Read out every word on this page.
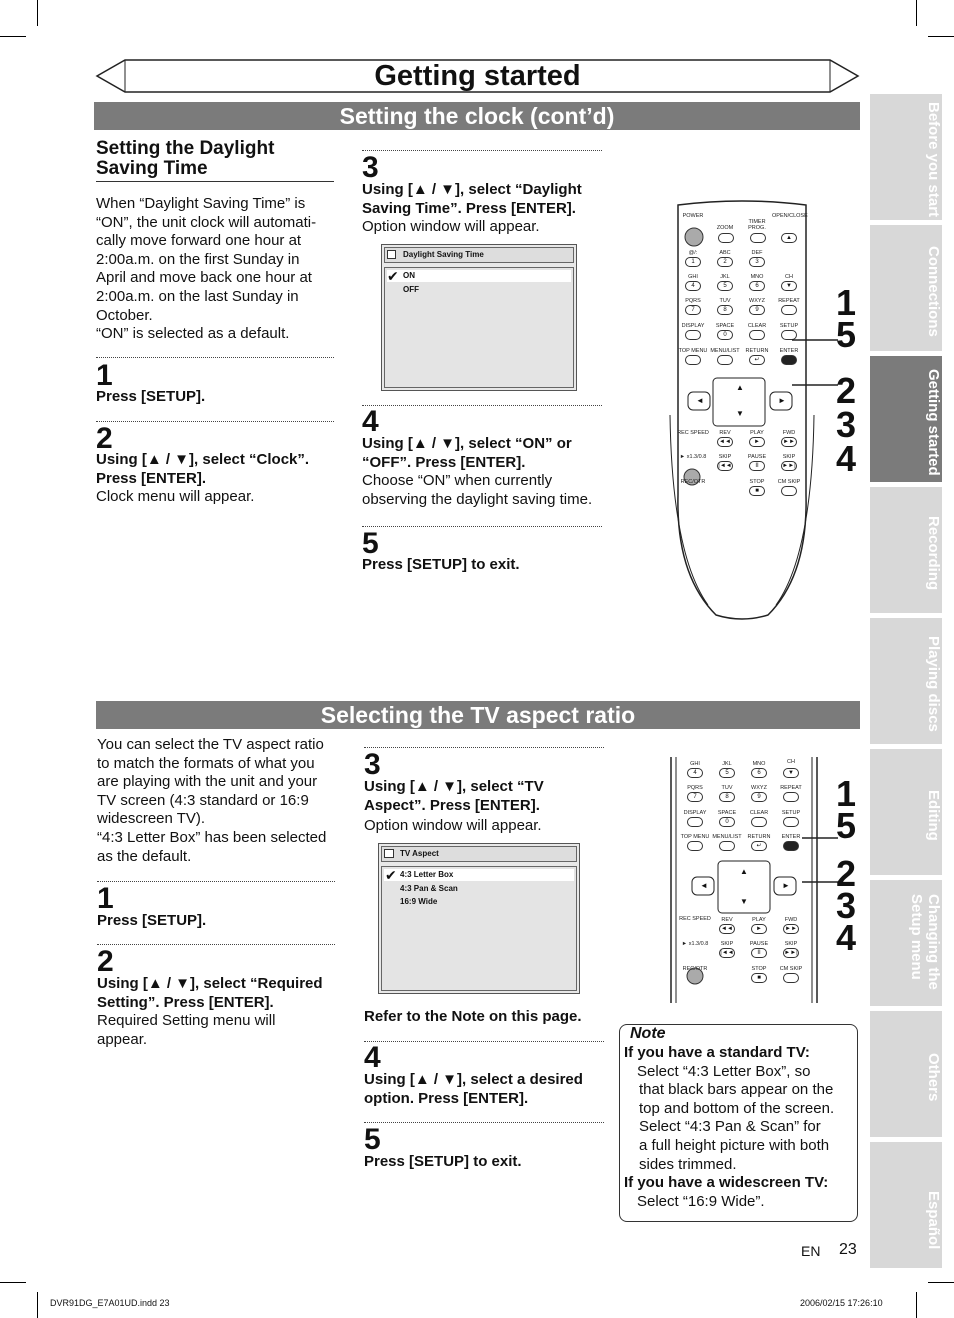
Getting started
Setting the clock (cont’d)
Setting the Daylight
Saving Time
When “Daylight Saving Time” is
“ON”, the unit clock will automati-
cally move forward one hour at
2:00a.m. on the first Sunday in
April and move back one hour at
2:00a.m. on the last Sunday in
October.
“ON” is selected as a default.
1
Press [SETUP].
2
Using [▲ / ▼], select “Clock”.
Press [ENTER].
Clock menu will appear.
3
Using [▲ / ▼], select “Daylight
Saving Time”. Press [ENTER].
Option window will appear.
Daylight Saving Time
ON
OFF
✔
4
Using [▲ / ▼], select “ON” or
“OFF”. Press [ENTER].
Choose “ON” when currently
observing the daylight saving time.
5
Press [SETUP] to exit.
POWER
ZOOM
TIMER PROG.
OPEN/CLOSE
▲
@/:	ABC	DEF
1	2	3
GHI	JKL	MNO	CH
4	5	6	▼
PQRS	TUV	WXYZ	REPEAT
7	8	9
DISPLAY	SPACE	CLEAR	SETUP
0
TOP MENU MENU/LIST	RETURN	ENTER
↵
▲
▼
◄	►
REC SPEED	REV	PLAY	FWD
◄◄	►	►►
► x1.3/0.8	SKIP	PAUSE	SKIP
|◄◄	II	►►|
REC/OTR	STOP	CM SKIP
■
1
5
2
3
4
Selecting the TV aspect ratio
You can select the TV aspect ratio
to match the formats of what you
are playing with the unit and your
TV screen (4:3 standard or 16:9
widescreen TV).
“4:3 Letter Box” has been selected
as the default.
1
Press [SETUP].
2
Using [▲ / ▼], select “Required
Setting”. Press [ENTER].
Required Setting menu will
appear.
3
Using [▲ / ▼], select “TV
Aspect”. Press [ENTER].
Option window will appear.
TV Aspect
4:3 Letter Box
4:3 Pan & Scan
16:9 Wide
✔
Refer to the Note on this page.
4
Using [▲ / ▼], select a desired
option. Press [ENTER].
5
Press [SETUP] to exit.
GHI	JKL	MNO	CH
4	5	6	▼
PQRS	TUV	WXYZ	REPEAT
7	8	9
DISPLAY	SPACE	CLEAR	SETUP
0
TOP MENU MENU/LIST	RETURN	ENTER
↵
▲
▼
◄	►
REC SPEED	REV	PLAY	FWD
◄◄	►	►►
► x1.3/0.8	SKIP	PAUSE	SKIP
|◄◄	II	►►|
REC/OTR	STOP	CM SKIP
■
1
5
2
3
4
Note
If you have a standard TV:
Select “4:3 Letter Box”, so
that black bars appear on the
top and bottom of the screen.
Select “4:3 Pan & Scan” for
a full height picture with both
sides trimmed.
If you have a widescreen TV:
Select “16:9 Wide”.
Before you start
Connections
Getting started
Recording
Playing discs
Editing
Changing the Setup menu
Others
Español
EN 23
DVR91DG_E7A01UD.indd 23	2006/02/15 17:26:10
